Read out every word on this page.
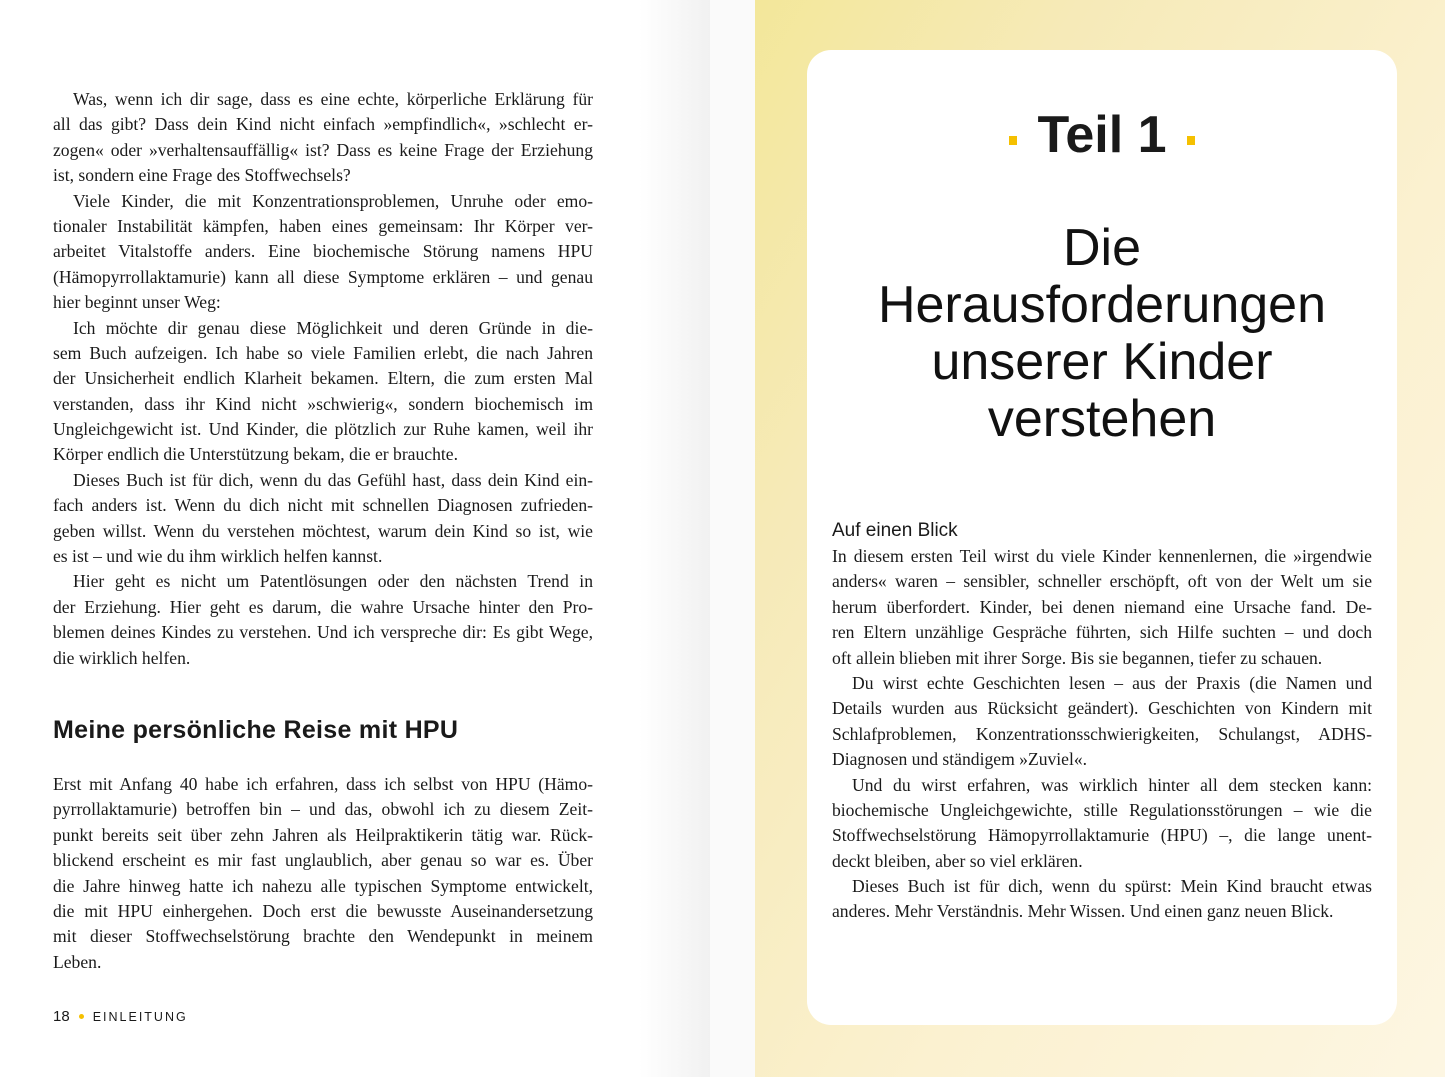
Was, wenn ich dir sage, dass es eine echte, körperliche Erklärung für
all das gibt? Dass dein Kind nicht einfach »empfindlich«, »schlecht er-
zogen« oder »verhaltensauffällig« ist? Dass es keine Frage der Erziehung
ist, sondern eine Frage des Stoffwechsels?
Viele Kinder, die mit Konzentrationsproblemen, Unruhe oder emo-
tionaler Instabilität kämpfen, haben eines gemeinsam: Ihr Körper ver-
arbeitet Vitalstoffe anders. Eine biochemische Störung namens HPU
(Hämopyrrollaktamurie) kann all diese Symptome erklären – und genau
hier beginnt unser Weg:
Ich möchte dir genau diese Möglichkeit und deren Gründe in die-
sem Buch aufzeigen. Ich habe so viele Familien erlebt, die nach Jahren
der Unsicherheit endlich Klarheit bekamen. Eltern, die zum ersten Mal
verstanden, dass ihr Kind nicht »schwierig«, sondern biochemisch im
Ungleichgewicht ist. Und Kinder, die plötzlich zur Ruhe kamen, weil ihr
Körper endlich die Unterstützung bekam, die er brauchte.
Dieses Buch ist für dich, wenn du das Gefühl hast, dass dein Kind ein-
fach anders ist. Wenn du dich nicht mit schnellen Diagnosen zufrieden-
geben willst. Wenn du verstehen möchtest, warum dein Kind so ist, wie
es ist – und wie du ihm wirklich helfen kannst.
Hier geht es nicht um Patentlösungen oder den nächsten Trend in
der Erziehung. Hier geht es darum, die wahre Ursache hinter den Pro-
blemen deines Kindes zu verstehen. Und ich verspreche dir: Es gibt Wege,
die wirklich helfen.
Meine persönliche Reise mit HPU
Erst mit Anfang 40 habe ich erfahren, dass ich selbst von HPU (Hämo-
pyrrollaktamurie) betroffen bin – und das, obwohl ich zu diesem Zeit-
punkt bereits seit über zehn Jahren als Heilpraktikerin tätig war. Rück-
blickend erscheint es mir fast unglaublich, aber genau so war es. Über
die Jahre hinweg hatte ich nahezu alle typischen Symptome entwickelt,
die mit HPU einhergehen. Doch erst die bewusste Auseinandersetzung
mit dieser Stoffwechselstörung brachte den Wendepunkt in meinem
Leben.
18 EINLEITUNG
Teil 1
Die
Herausforderungen
unserer Kinder
verstehen
Auf einen Blick
In diesem ersten Teil wirst du viele Kinder kennenlernen, die »irgendwie
anders« waren – sensibler, schneller erschöpft, oft von der Welt um sie
herum überfordert. Kinder, bei denen niemand eine Ursache fand. De-
ren Eltern unzählige Gespräche führten, sich Hilfe suchten – und doch
oft allein blieben mit ihrer Sorge. Bis sie begannen, tiefer zu schauen.
Du wirst echte Geschichten lesen – aus der Praxis (die Namen und
Details wurden aus Rücksicht geändert). Geschichten von Kindern mit
Schlafproblemen, Konzentrationsschwierigkeiten, Schulangst, ADHS-
Diagnosen und ständigem »Zuviel«.
Und du wirst erfahren, was wirklich hinter all dem stecken kann:
biochemische Ungleichgewichte, stille Regulationsstörungen – wie die
Stoffwechselstörung Hämopyrrollaktamurie (HPU) –, die lange unent-
deckt bleiben, aber so viel erklären.
Dieses Buch ist für dich, wenn du spürst: Mein Kind braucht etwas
anderes. Mehr Verständnis. Mehr Wissen. Und einen ganz neuen Blick.
